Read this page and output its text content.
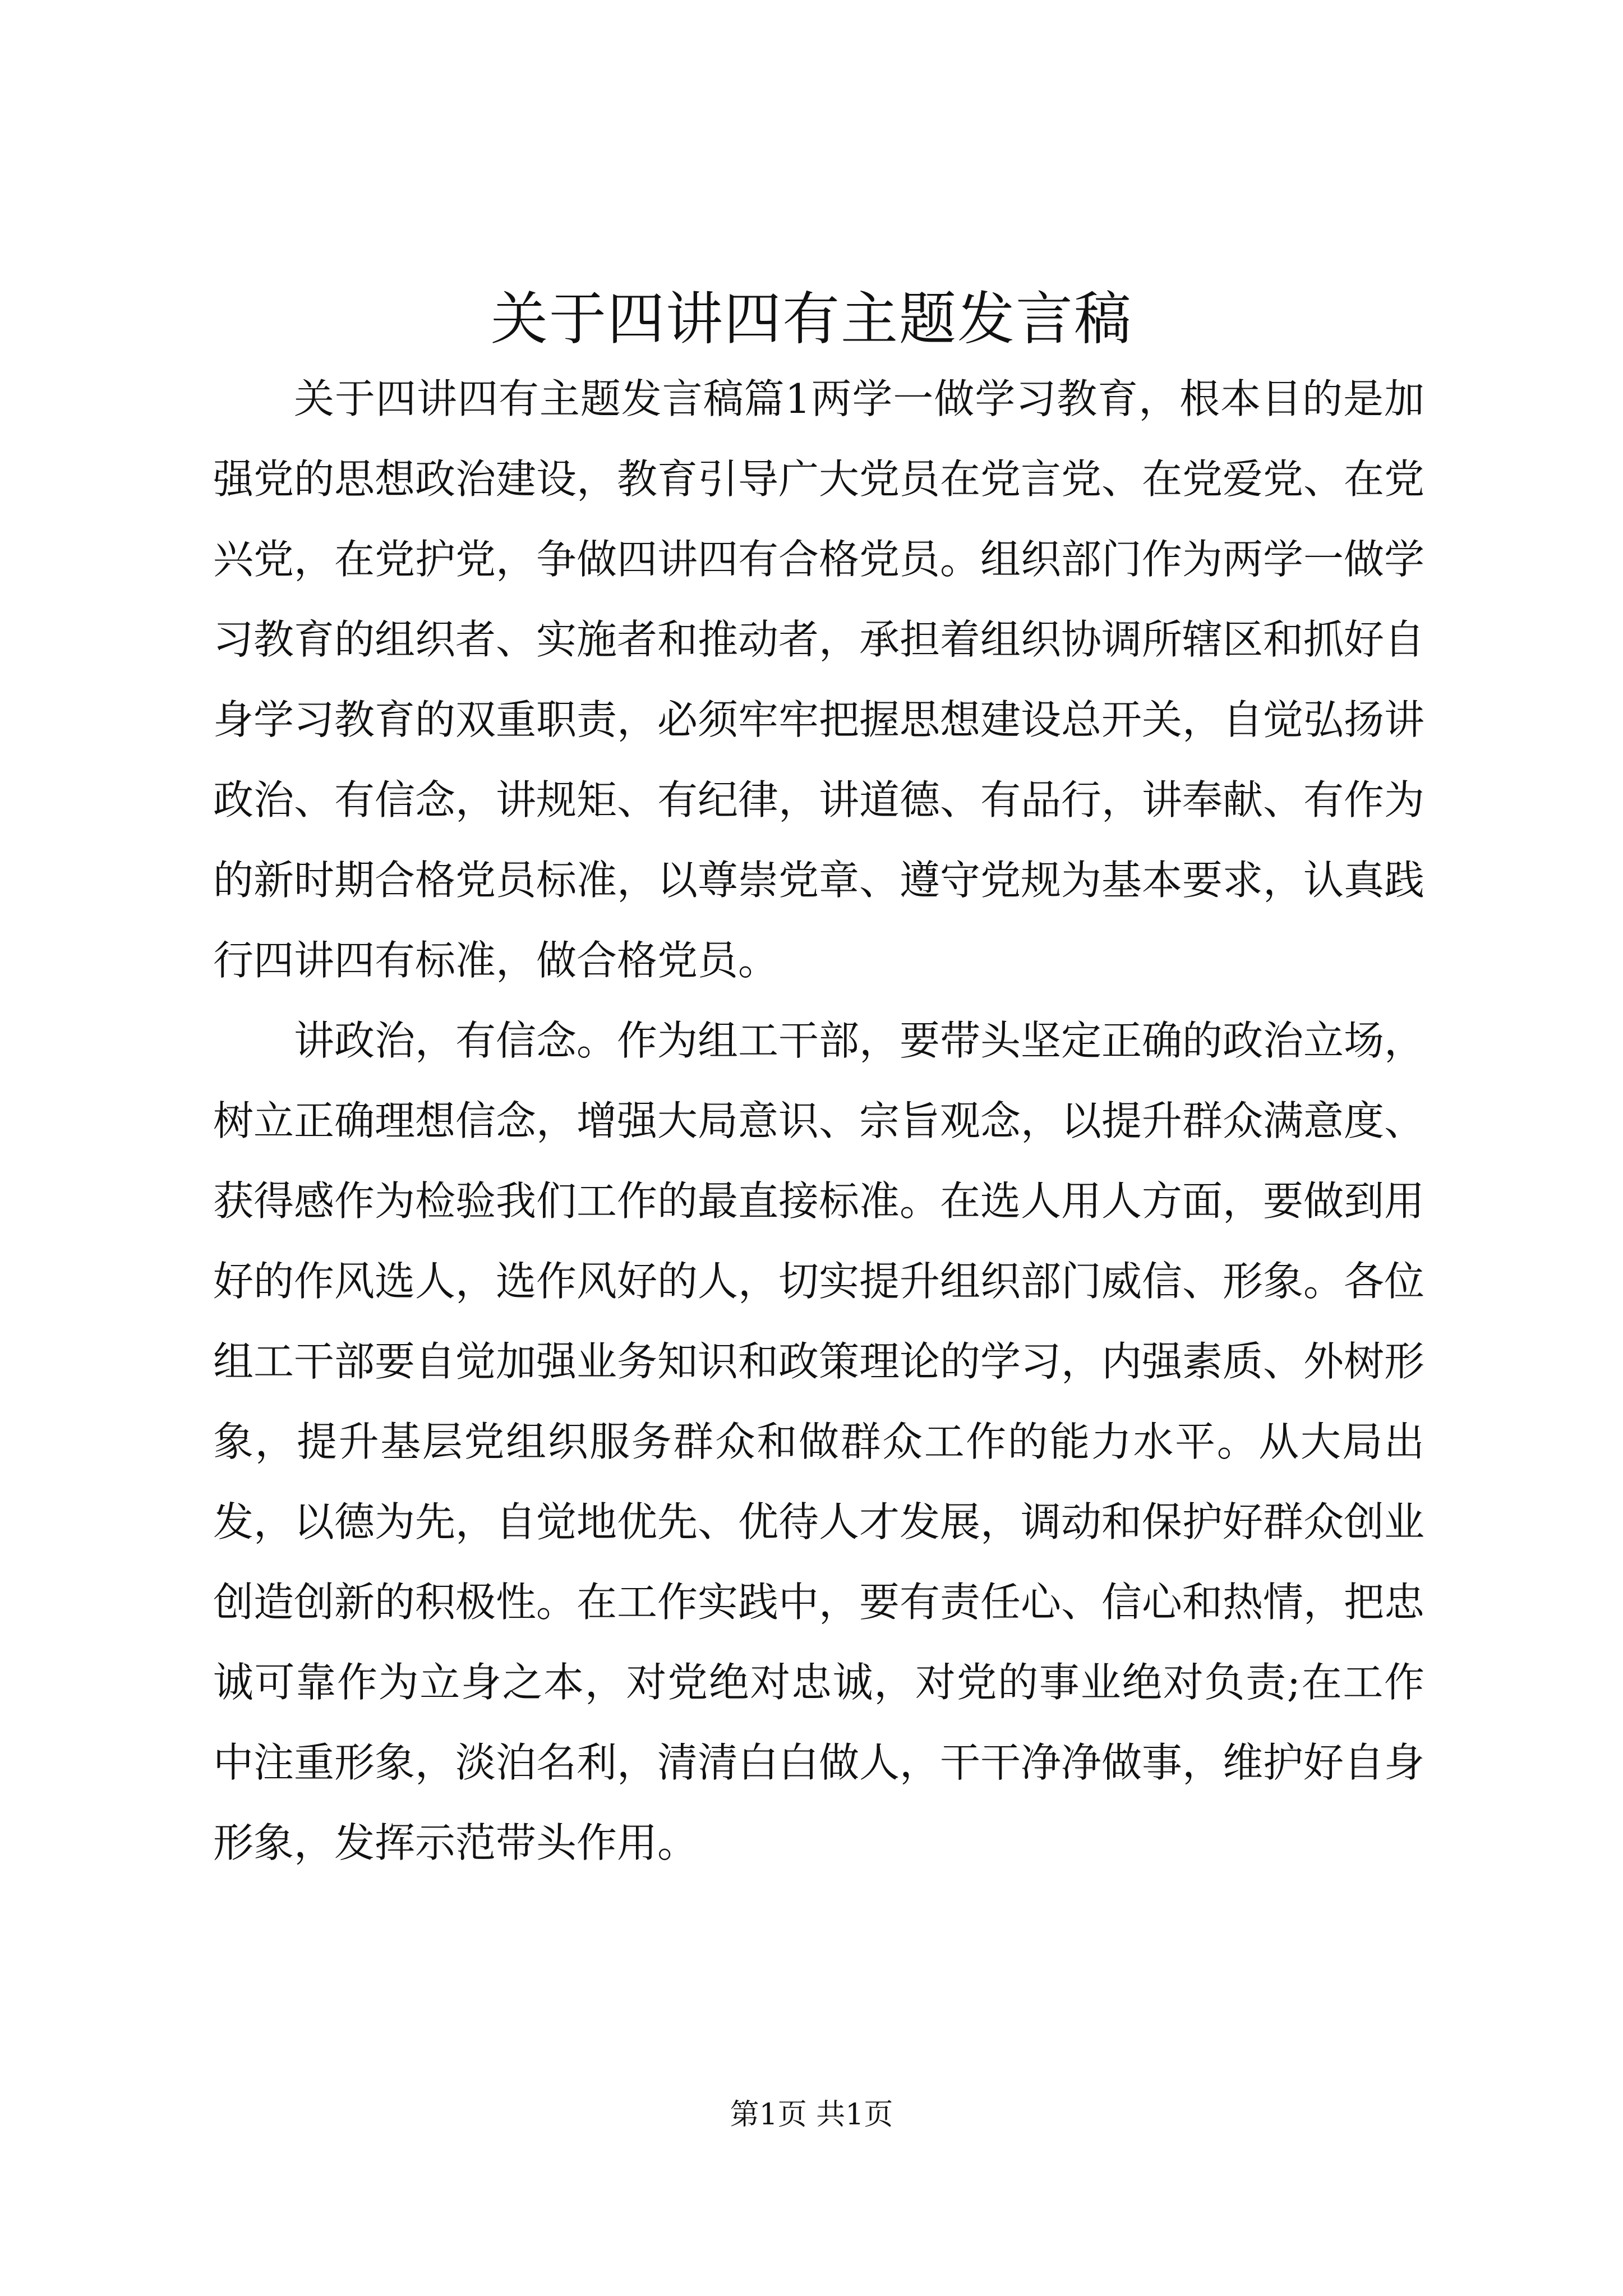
关于四讲四有主题发言稿

关于四讲四有主题发言稿篇1两学一做学习教育，根本目的是加强党的思想政治建设，教育引导广大党员在党言党、在党爱党、在党兴党，在党护党，争做四讲四有合格党员。组织部门作为两学一做学习教育的组织者、实施者和推动者，承担着组织协调所辖区和抓好自身学习教育的双重职责，必须牢牢把握思想建设总开关，自觉弘扬讲政治、有信念，讲规矩、有纪律，讲道德、有品行，讲奉献、有作为的新时期合格党员标准，以尊崇党章、遵守党规为基本要求，认真践行四讲四有标准，做合格党员。

讲政治，有信念。作为组工干部，要带头坚定正确的政治立场，树立正确理想信念，增强大局意识、宗旨观念，以提升群众满意度、获得感作为检验我们工作的最直接标准。在选人用人方面，要做到用好的作风选人，选作风好的人，切实提升组织部门威信、形象。各位组工干部要自觉加强业务知识和政策理论的学习，内强素质、外树形象，提升基层党组织服务群众和做群众工作的能力水平。从大局出发，以德为先，自觉地优先、优待人才发展，调动和保护好群众创业创造创新的积极性。在工作实践中，要有责任心、信心和热情，把忠诚可靠作为立身之本，对党绝对忠诚，对党的事业绝对负责;在工作中注重形象，淡泊名利，清清白白做人，干干净净做事，维护好自身形象，发挥示范带头作用。

第1页 共1页
